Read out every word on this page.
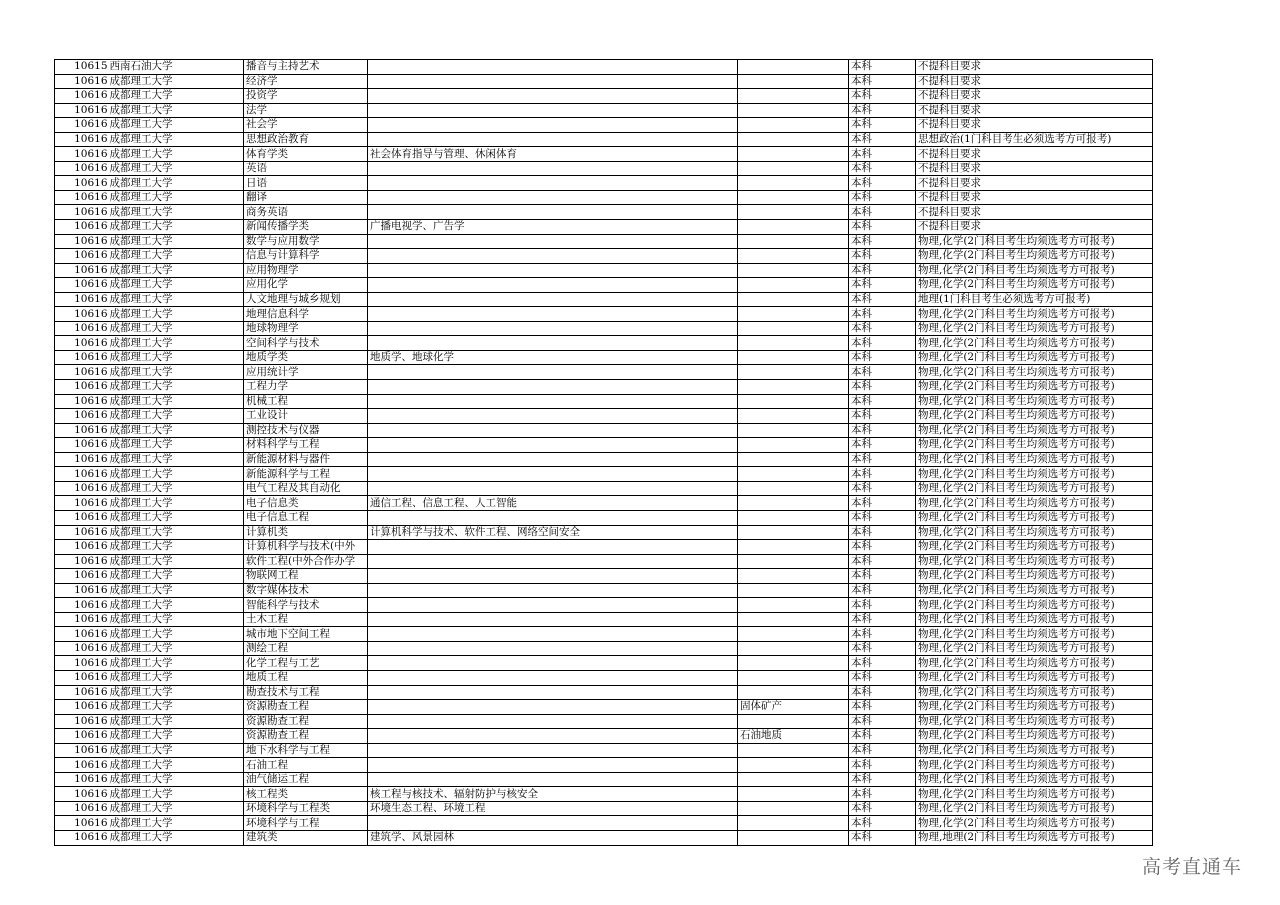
10615	西南石油大学	播音与主持艺术			本科	不提科目要求
10616	成都理工大学	经济学			本科	不提科目要求
10616	成都理工大学	投资学			本科	不提科目要求
10616	成都理工大学	法学			本科	不提科目要求
10616	成都理工大学	社会学			本科	不提科目要求
10616	成都理工大学	思想政治教育			本科	思想政治(1门科目考生必须选考方可报考)
10616	成都理工大学	体育学类	社会体育指导与管理、休闲体育		本科	不提科目要求
10616	成都理工大学	英语			本科	不提科目要求
10616	成都理工大学	日语			本科	不提科目要求
10616	成都理工大学	翻译			本科	不提科目要求
10616	成都理工大学	商务英语			本科	不提科目要求
10616	成都理工大学	新闻传播学类	广播电视学、广告学		本科	不提科目要求
10616	成都理工大学	数学与应用数学			本科	物理,化学(2门科目考生均须选考方可报考)
10616	成都理工大学	信息与计算科学			本科	物理,化学(2门科目考生均须选考方可报考)
10616	成都理工大学	应用物理学			本科	物理,化学(2门科目考生均须选考方可报考)
10616	成都理工大学	应用化学			本科	物理,化学(2门科目考生均须选考方可报考)
10616	成都理工大学	人文地理与城乡规划			本科	地理(1门科目考生必须选考方可报考)
10616	成都理工大学	地理信息科学			本科	物理,化学(2门科目考生均须选考方可报考)
10616	成都理工大学	地球物理学			本科	物理,化学(2门科目考生均须选考方可报考)
10616	成都理工大学	空间科学与技术			本科	物理,化学(2门科目考生均须选考方可报考)
10616	成都理工大学	地质学类	地质学、地球化学		本科	物理,化学(2门科目考生均须选考方可报考)
10616	成都理工大学	应用统计学			本科	物理,化学(2门科目考生均须选考方可报考)
10616	成都理工大学	工程力学			本科	物理,化学(2门科目考生均须选考方可报考)
10616	成都理工大学	机械工程			本科	物理,化学(2门科目考生均须选考方可报考)
10616	成都理工大学	工业设计			本科	物理,化学(2门科目考生均须选考方可报考)
10616	成都理工大学	测控技术与仪器			本科	物理,化学(2门科目考生均须选考方可报考)
10616	成都理工大学	材料科学与工程			本科	物理,化学(2门科目考生均须选考方可报考)
10616	成都理工大学	新能源材料与器件			本科	物理,化学(2门科目考生均须选考方可报考)
10616	成都理工大学	新能源科学与工程			本科	物理,化学(2门科目考生均须选考方可报考)
10616	成都理工大学	电气工程及其自动化			本科	物理,化学(2门科目考生均须选考方可报考)
10616	成都理工大学	电子信息类	通信工程、信息工程、人工智能		本科	物理,化学(2门科目考生均须选考方可报考)
10616	成都理工大学	电子信息工程			本科	物理,化学(2门科目考生均须选考方可报考)
10616	成都理工大学	计算机类	计算机科学与技术、软件工程、网络空间安全		本科	物理,化学(2门科目考生均须选考方可报考)
10616	成都理工大学	计算机科学与技术(中外			本科	物理,化学(2门科目考生均须选考方可报考)
10616	成都理工大学	软件工程(中外合作办学			本科	物理,化学(2门科目考生均须选考方可报考)
10616	成都理工大学	物联网工程			本科	物理,化学(2门科目考生均须选考方可报考)
10616	成都理工大学	数字媒体技术			本科	物理,化学(2门科目考生均须选考方可报考)
10616	成都理工大学	智能科学与技术			本科	物理,化学(2门科目考生均须选考方可报考)
10616	成都理工大学	土木工程			本科	物理,化学(2门科目考生均须选考方可报考)
10616	成都理工大学	城市地下空间工程			本科	物理,化学(2门科目考生均须选考方可报考)
10616	成都理工大学	测绘工程			本科	物理,化学(2门科目考生均须选考方可报考)
10616	成都理工大学	化学工程与工艺			本科	物理,化学(2门科目考生均须选考方可报考)
10616	成都理工大学	地质工程			本科	物理,化学(2门科目考生均须选考方可报考)
10616	成都理工大学	勘查技术与工程			本科	物理,化学(2门科目考生均须选考方可报考)
10616	成都理工大学	资源勘查工程		固体矿产	本科	物理,化学(2门科目考生均须选考方可报考)
10616	成都理工大学	资源勘查工程			本科	物理,化学(2门科目考生均须选考方可报考)
10616	成都理工大学	资源勘查工程		石油地质	本科	物理,化学(2门科目考生均须选考方可报考)
10616	成都理工大学	地下水科学与工程			本科	物理,化学(2门科目考生均须选考方可报考)
10616	成都理工大学	石油工程			本科	物理,化学(2门科目考生均须选考方可报考)
10616	成都理工大学	油气储运工程			本科	物理,化学(2门科目考生均须选考方可报考)
10616	成都理工大学	核工程类	核工程与核技术、辐射防护与核安全		本科	物理,化学(2门科目考生均须选考方可报考)
10616	成都理工大学	环境科学与工程类	环境生态工程、环境工程		本科	物理,化学(2门科目考生均须选考方可报考)
10616	成都理工大学	环境科学与工程			本科	物理,化学(2门科目考生均须选考方可报考)
10616	成都理工大学	建筑类	建筑学、风景园林		本科	物理,地理(2门科目考生均须选考方可报考)
高考直通车
